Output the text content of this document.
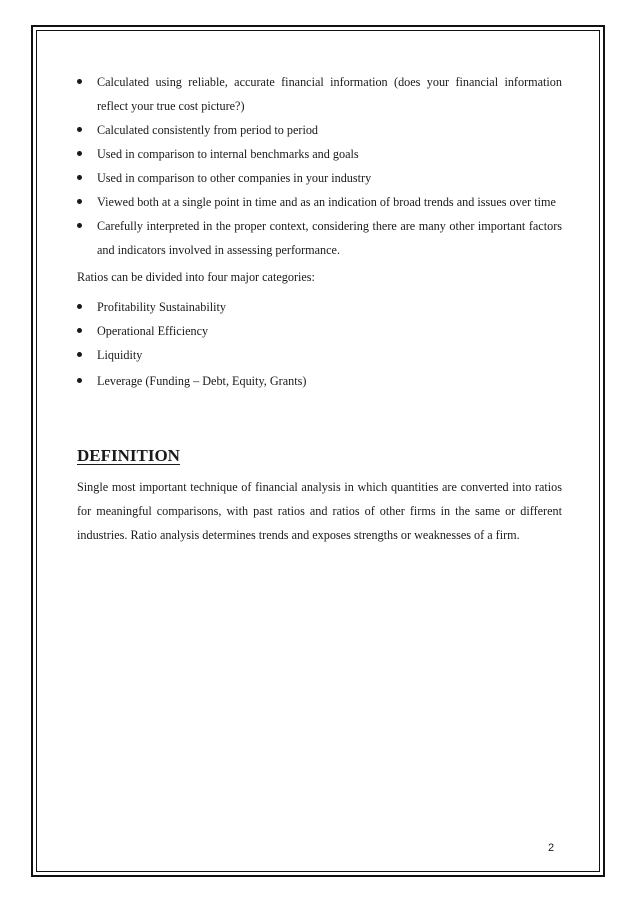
Calculated using reliable, accurate financial information (does your financial information reflect your true cost picture?)
Calculated consistently from period to period
Used in comparison to internal benchmarks and goals
Used in comparison to other companies in your industry
Viewed both at a single point in time and as an indication of broad trends and issues over time
Carefully interpreted in the proper context, considering there are many other important factors and indicators involved in assessing performance.

Ratios can be divided into four major categories:

Profitability Sustainability
Operational Efficiency
Liquidity
Leverage (Funding – Debt, Equity, Grants)
DEFINITION

Single most important technique of financial analysis in which quantities are converted into ratios for meaningful comparisons, with past ratios and ratios of other firms in the same or different industries. Ratio analysis determines trends and exposes strengths or weaknesses of a firm.

2
